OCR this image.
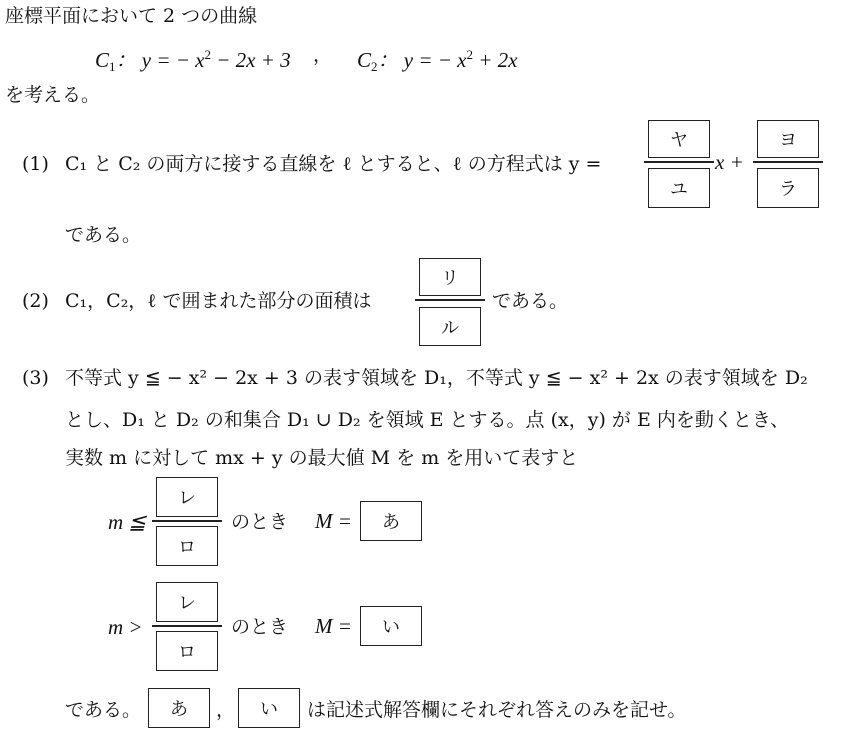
座標平面において 2 つの曲線
$C_1$： y = − $x^2 - 2x + 3$ ， $C_2$： y = − $x^2 + 2x$
を考える。
(1) C₁ と C₂ の両方に接する直線を ℓ とすると、ℓ の方程式は y =
ヤ
ユ
x +
ヨ
ラ
である。
(2) C₁，C₂，ℓ で囲まれた部分の面積は
リ
ル
である。
(3) 不等式 y ≦ − x² − 2x + 3 の表す領域を D₁，不等式 y ≦ − x² + 2x の表す領域を D₂
とし、D₁ と D₂ の和集合 D₁ ∪ D₂ を領域 E とする。点 (x，y) が E 内を動くとき、
実数 m に対して mx + y の最大値 M を m を用いて表すと
m ≦
レ
ロ
のとき M =	あ
m >
レ
ロ
のとき M =	い
である。	あ	，	い	は記述式解答欄にそれぞれ答えのみを記せ。
